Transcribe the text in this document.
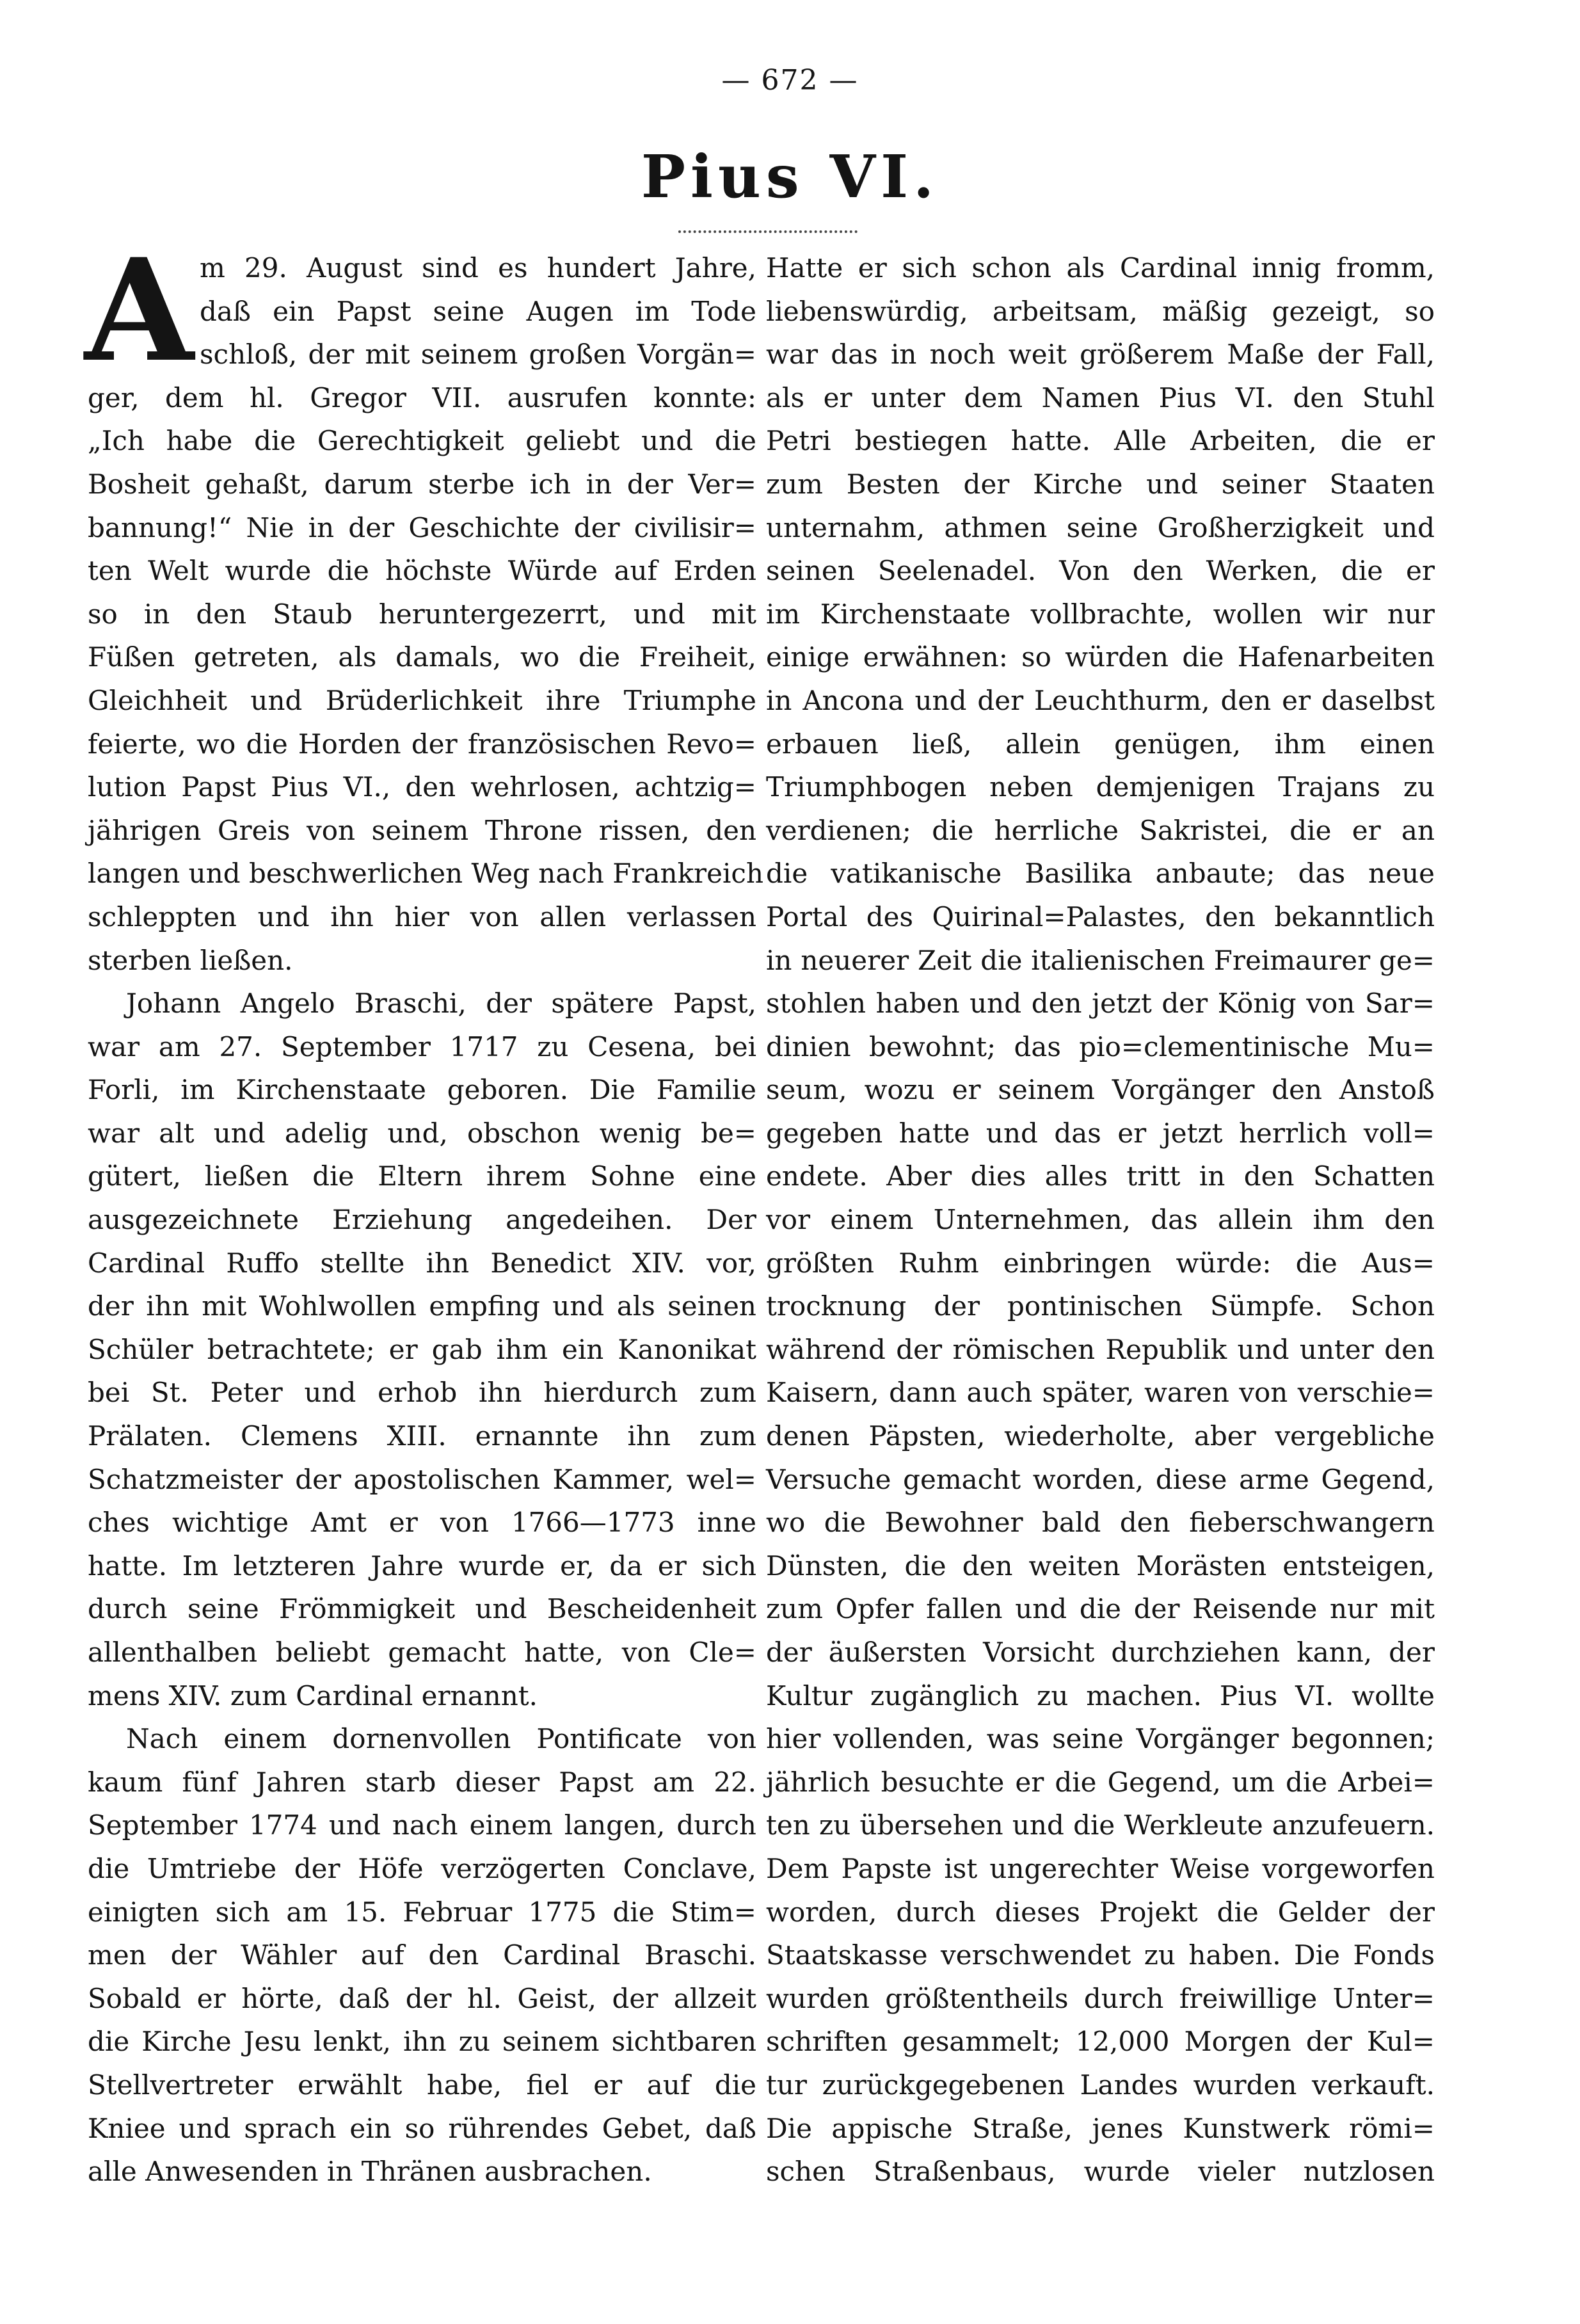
— 672 —
Pius VI.
A m 29. August sind es hundert Jahre,
daß ein Papst seine Augen im Tode
schloß, der mit seinem großen Vorgän=
ger, dem hl. Gregor VII. ausrufen konnte:
„Ich habe die Gerechtigkeit geliebt und die
Bosheit gehaßt, darum sterbe ich in der Ver=
bannung!“ Nie in der Geschichte der civilisir=
ten Welt wurde die höchste Würde auf Erden
so in den Staub heruntergezerrt, und mit
Füßen getreten, als damals, wo die Freiheit,
Gleichheit und Brüderlichkeit ihre Triumphe
feierte, wo die Horden der französischen Revo=
lution Papst Pius VI., den wehrlosen, achtzig=
jährigen Greis von seinem Throne rissen, den
langen und beschwerlichen Weg nach Frankreich
schleppten und ihn hier von allen verlassen
sterben ließen.
Johann Angelo Braschi, der spätere Papst,
war am 27. September 1717 zu Cesena, bei
Forli, im Kirchenstaate geboren. Die Familie
war alt und adelig und, obschon wenig be=
gütert, ließen die Eltern ihrem Sohne eine
ausgezeichnete Erziehung angedeihen. Der
Cardinal Ruffo stellte ihn Benedict XIV. vor,
der ihn mit Wohlwollen empfing und als seinen
Schüler betrachtete; er gab ihm ein Kanonikat
bei St. Peter und erhob ihn hierdurch zum
Prälaten. Clemens XIII. ernannte ihn zum
Schatzmeister der apostolischen Kammer, wel=
ches wichtige Amt er von 1766—1773 inne
hatte. Im letzteren Jahre wurde er, da er sich
durch seine Frömmigkeit und Bescheidenheit
allenthalben beliebt gemacht hatte, von Cle=
mens XIV. zum Cardinal ernannt.
Nach einem dornenvollen Pontificate von
kaum fünf Jahren starb dieser Papst am 22.
September 1774 und nach einem langen, durch
die Umtriebe der Höfe verzögerten Conclave,
einigten sich am 15. Februar 1775 die Stim=
men der Wähler auf den Cardinal Braschi.
Sobald er hörte, daß der hl. Geist, der allzeit
die Kirche Jesu lenkt, ihn zu seinem sichtbaren
Stellvertreter erwählt habe, fiel er auf die
Kniee und sprach ein so rührendes Gebet, daß
alle Anwesenden in Thränen ausbrachen.
Hatte er sich schon als Cardinal innig fromm,
liebenswürdig, arbeitsam, mäßig gezeigt, so
war das in noch weit größerem Maße der Fall,
als er unter dem Namen Pius VI. den Stuhl
Petri bestiegen hatte. Alle Arbeiten, die er
zum Besten der Kirche und seiner Staaten
unternahm, athmen seine Großherzigkeit und
seinen Seelenadel. Von den Werken, die er
im Kirchenstaate vollbrachte, wollen wir nur
einige erwähnen: so würden die Hafenarbeiten
in Ancona und der Leuchthurm, den er daselbst
erbauen ließ, allein genügen, ihm einen
Triumphbogen neben demjenigen Trajans zu
verdienen; die herrliche Sakristei, die er an
die vatikanische Basilika anbaute; das neue
Portal des Quirinal=Palastes, den bekanntlich
in neuerer Zeit die italienischen Freimaurer ge=
stohlen haben und den jetzt der König von Sar=
dinien bewohnt; das pio=clementinische Mu=
seum, wozu er seinem Vorgänger den Anstoß
gegeben hatte und das er jetzt herrlich voll=
endete. Aber dies alles tritt in den Schatten
vor einem Unternehmen, das allein ihm den
größten Ruhm einbringen würde: die Aus=
trocknung der pontinischen Sümpfe. Schon
während der römischen Republik und unter den
Kaisern, dann auch später, waren von verschie=
denen Päpsten, wiederholte, aber vergebliche
Versuche gemacht worden, diese arme Gegend,
wo die Bewohner bald den fieberschwangern
Dünsten, die den weiten Morästen entsteigen,
zum Opfer fallen und die der Reisende nur mit
der äußersten Vorsicht durchziehen kann, der
Kultur zugänglich zu machen. Pius VI. wollte
hier vollenden, was seine Vorgänger begonnen;
jährlich besuchte er die Gegend, um die Arbei=
ten zu übersehen und die Werkleute anzufeuern.
Dem Papste ist ungerechter Weise vorgeworfen
worden, durch dieses Projekt die Gelder der
Staatskasse verschwendet zu haben. Die Fonds
wurden größtentheils durch freiwillige Unter=
schriften gesammelt; 12,000 Morgen der Kul=
tur zurückgegebenen Landes wurden verkauft.
Die appische Straße, jenes Kunstwerk römi=
schen Straßenbaus, wurde vieler nutzlosen
